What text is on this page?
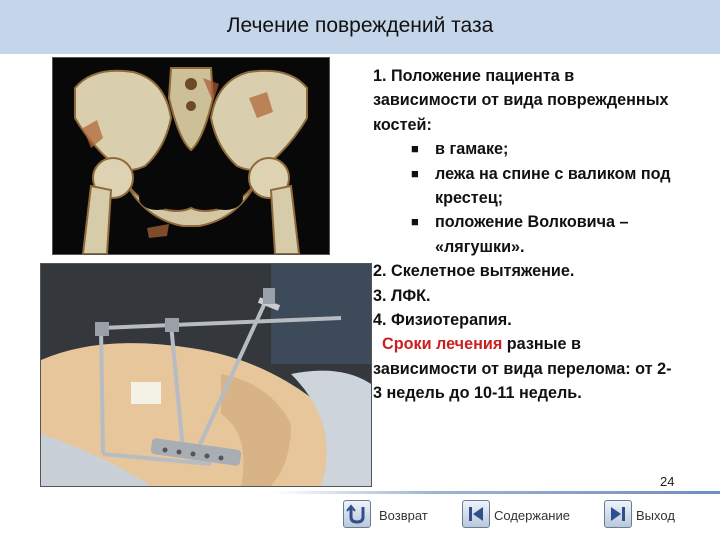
Лечение повреждений таза

1. Положение пациента в зависимости от вида поврежденных костей:

■ в гамаке;

■ лежа на спине с валиком под крестец;

■ положение Волковича – «лягушки».

2. Скелетное вытяжение.

3. ЛФК.

4. Физиотерапия.

Сроки лечения разные в зависимости от вида перелома: от 2-3 недель до 10-11 недель.

24
Возврат	Содержание	Выход
